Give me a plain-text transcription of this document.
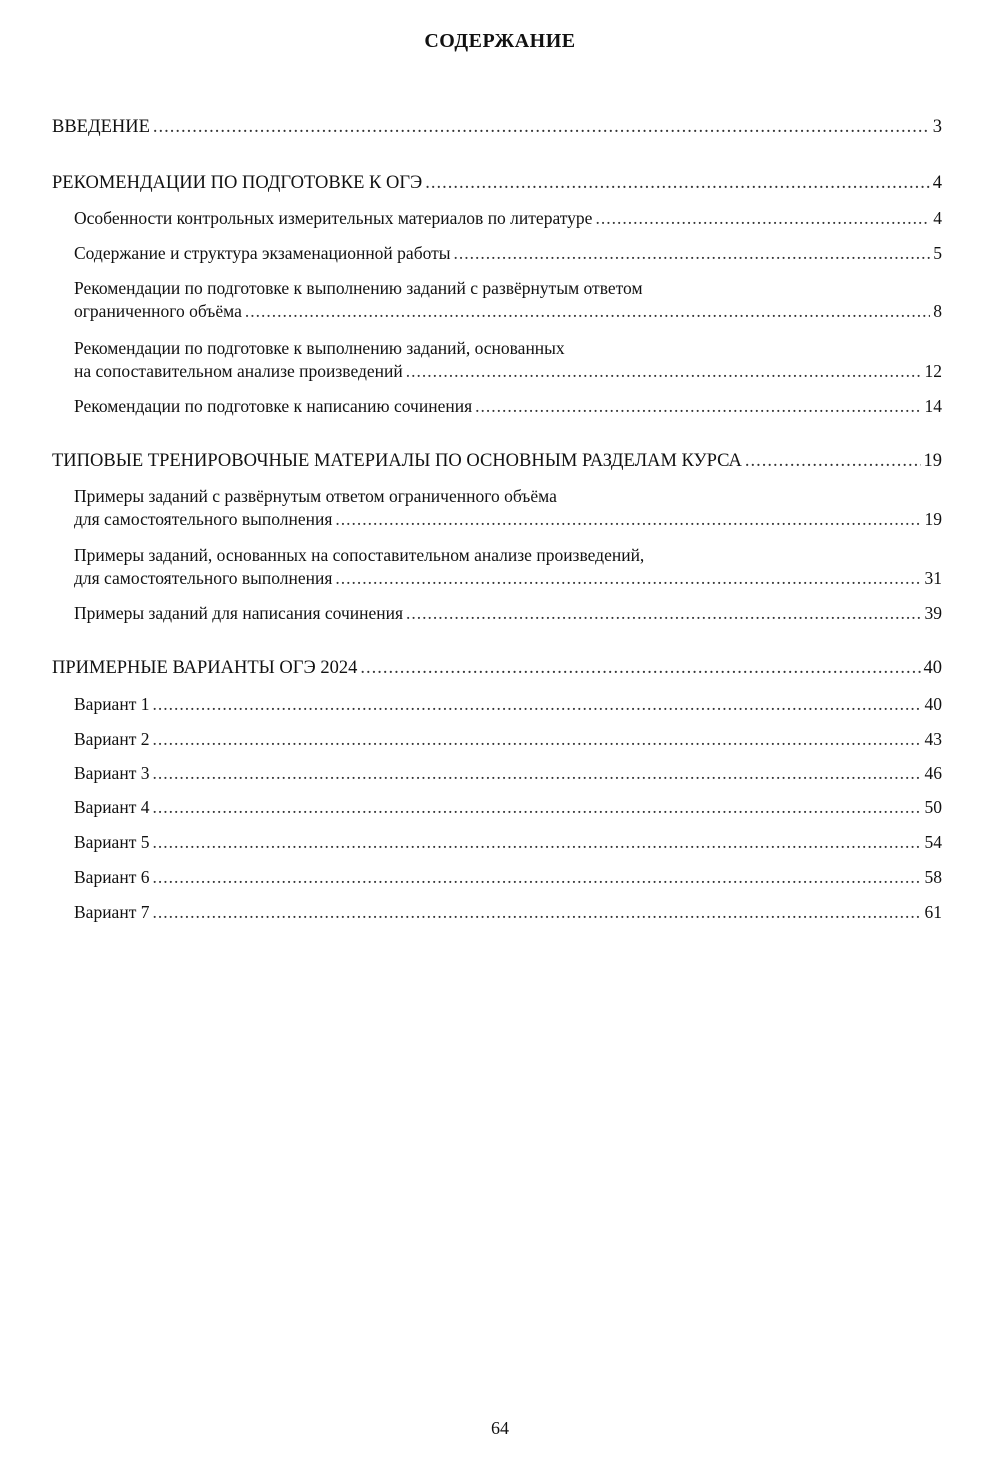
СОДЕРЖАНИЕ
ВВЕДЕНИЕ .....	3
РЕКОМЕНДАЦИИ ПО ПОДГОТОВКЕ К ОГЭ .....	4
Особенности контрольных измерительных материалов по литературе .....	4
Содержание и структура экзаменационной работы .....	5
Рекомендации по подготовке к выполнению заданий с развёрнутым ответом
ограниченного объёма .....	8
Рекомендации по подготовке к выполнению заданий, основанных
на сопоставительном анализе произведений .....	12
Рекомендации по подготовке к написанию сочинения .....	14
ТИПОВЫЕ ТРЕНИРОВОЧНЫЕ МАТЕРИАЛЫ ПО ОСНОВНЫМ РАЗДЕЛАМ КУРСА .....	19
Примеры заданий с развёрнутым ответом ограниченного объёма
для самостоятельного выполнения .....	19
Примеры заданий, основанных на сопоставительном анализе произведений,
для самостоятельного выполнения .....	31
Примеры заданий для написания сочинения .....	39
ПРИМЕРНЫЕ ВАРИАНТЫ ОГЭ 2024 .....	40
Вариант 1 .....	40
Вариант 2 .....	43
Вариант 3 .....	46
Вариант 4 .....	50
Вариант 5 .....	54
Вариант 6 .....	58
Вариант 7 .....	61
64
